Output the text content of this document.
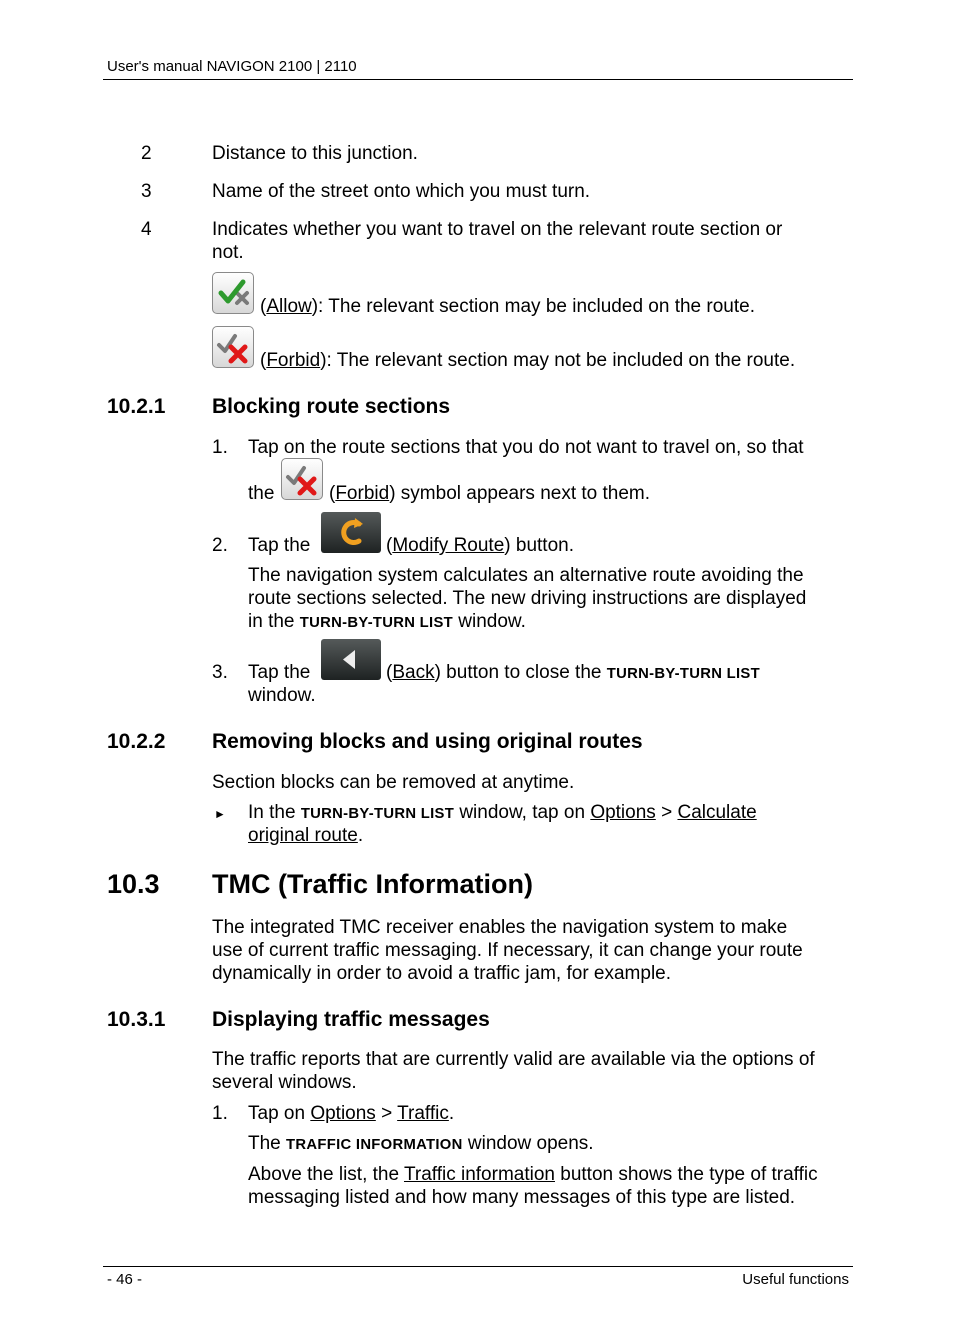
User's manual NAVIGON 2100 | 2110
2	Distance to this junction.
3	Name of the street onto which you must turn.
4	Indicates whether you want to travel on the relevant route section or
not.
(Allow): The relevant section may be included on the route.
(Forbid): The relevant section may not be included on the route.
10.2.1 Blocking route sections
1. Tap on the route sections that you do not want to travel on, so that
the	(Forbid) symbol appears next to them.
2. Tap the	(Modify Route) button.
The navigation system calculates an alternative route avoiding the
route sections selected. The new driving instructions are displayed
in the TURN-BY-TURN LIST window.
3. Tap the	(Back) button to close the TURN-BY-TURN LIST
window.
10.2.2 Removing blocks and using original routes
Section blocks can be removed at anytime.
► In the TURN-BY-TURN LIST window, tap on Options > Calculate
original route.
10.3 TMC (Traffic Information)
The integrated TMC receiver enables the navigation system to make
use of current traffic messaging. If necessary, it can change your route
dynamically in order to avoid a traffic jam, for example.
10.3.1 Displaying traffic messages
The traffic reports that are currently valid are available via the options of
several windows.
1. Tap on Options > Traffic.
The TRAFFIC INFORMATION window opens.
Above the list, the Traffic information button shows the type of traffic
messaging listed and how many messages of this type are listed.
- 46 -	Useful functions
